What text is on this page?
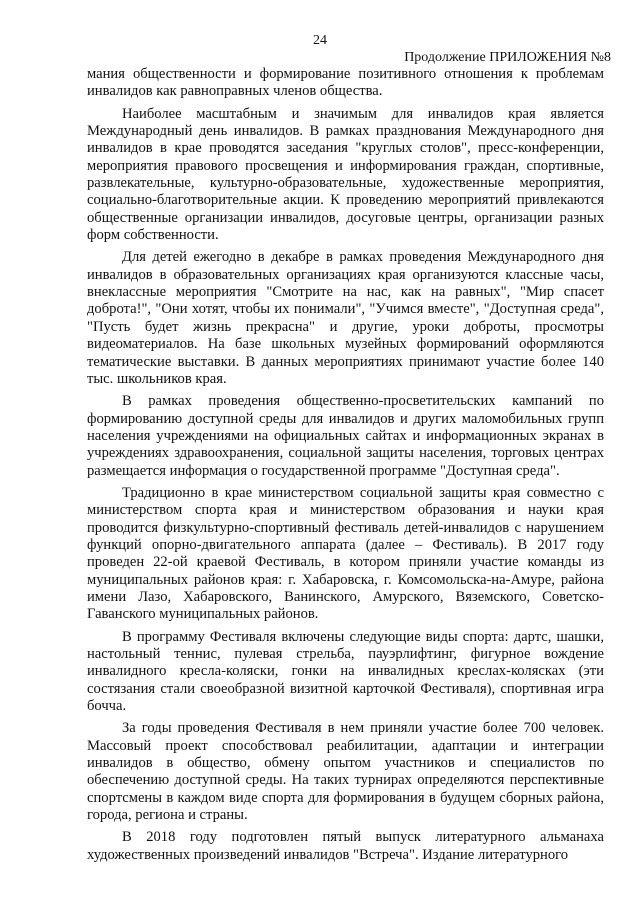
24
Продолжение ПРИЛОЖЕНИЯ №8

мания общественности и формирование позитивного отношения к проблемам инвалидов как равноправных членов общества.

Наиболее масштабным и значимым для инвалидов края является Международный день инвалидов. В рамках празднования Международного дня инвалидов в крае проводятся заседания "круглых столов", пресс-конференции, мероприятия правового просвещения и информирования граждан, спортивные, развлекательные, культурно-образовательные, художественные мероприятия, социально-благотворительные акции. К проведению мероприятий привлекаются общественные организации инвалидов, досуговые центры, организации разных форм собственности.

Для детей ежегодно в декабре в рамках проведения Международного дня инвалидов в образовательных организациях края организуются классные часы, внеклассные мероприятия "Смотрите на нас, как на равных", "Мир спасет доброта!", "Они хотят, чтобы их понимали", "Учимся вместе", "Доступная среда", "Пусть будет жизнь прекрасна" и другие, уроки доброты, просмотры видеоматериалов. На базе школьных музейных формирований оформляются тематические выставки. В данных мероприятиях принимают участие более 140 тыс. школьников края.

В рамках проведения общественно-просветительских кампаний по формированию доступной среды для инвалидов и других маломобильных групп населения учреждениями на официальных сайтах и информационных экранах в учреждениях здравоохранения, социальной защиты населения, торговых центрах размещается информация о государственной программе "Доступная среда".

Традиционно в крае министерством социальной защиты края совместно с министерством спорта края и министерством образования и науки края проводится физкультурно-спортивный фестиваль детей-инвалидов с нарушением функций опорно-двигательного аппарата (далее – Фестиваль). В 2017 году проведен 22-ой краевой Фестиваль, в котором приняли участие команды из муниципальных районов края: г. Хабаровска, г. Комсомольска-на-Амуре, района имени Лазо, Хабаровского, Ванинского, Амурского, Вяземского, Советско-Гаванского муниципальных районов.

В программу Фестиваля включены следующие виды спорта: дартс, шашки, настольный теннис, пулевая стрельба, пауэрлифтинг, фигурное вождение инвалидного кресла-коляски, гонки на инвалидных креслах-колясках (эти состязания стали своеобразной визитной карточкой Фестиваля), спортивная игра бочча.

За годы проведения Фестиваля в нем приняли участие более 700 человек. Массовый проект способствовал реабилитации, адаптации и интеграции инвалидов в общество, обмену опытом участников и специалистов по обеспечению доступной среды. На таких турнирах определяются перспективные спортсмены в каждом виде спорта для формирования в будущем сборных района, города, региона и страны.

В 2018 году подготовлен пятый выпуск литературного альманаха художественных произведений инвалидов "Встреча". Издание литературного
